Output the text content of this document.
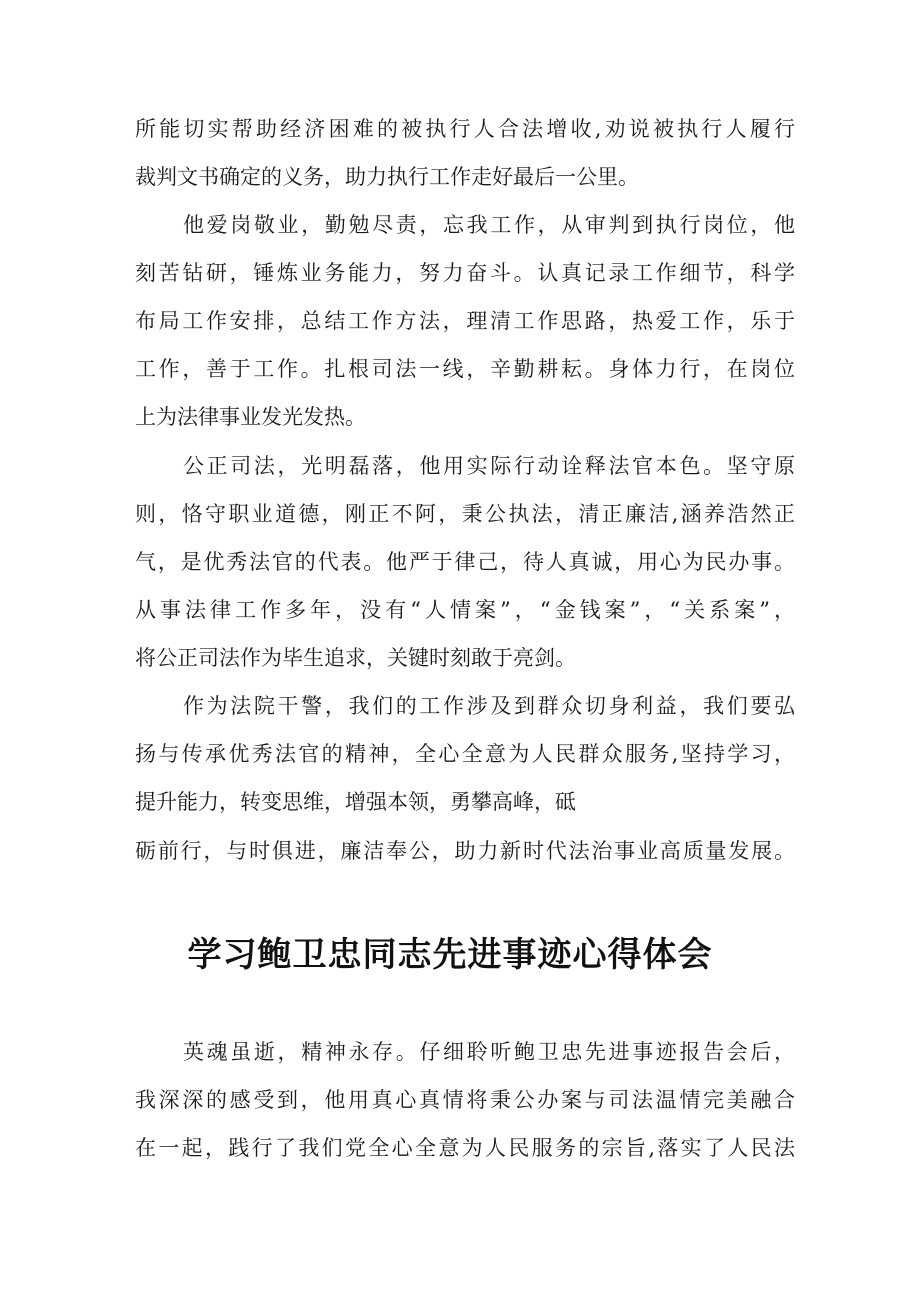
所能切实帮助经济困难的被执行人合法增收,劝说被执行人履行
裁判文书确定的义务，助力执行工作走好最后一公里。
他爱岗敬业，勤勉尽责，忘我工作，从审判到执行岗位，他
刻苦钻研，锤炼业务能力，努力奋斗。认真记录工作细节，科学
布局工作安排，总结工作方法，理清工作思路，热爱工作，乐于
工作，善于工作。扎根司法一线，辛勤耕耘。身体力行，在岗位
上为法律事业发光发热。
公正司法，光明磊落，他用实际行动诠释法官本色。坚守原
则，恪守职业道德，刚正不阿，秉公执法，清正廉洁,涵养浩然正
气，是优秀法官的代表。他严于律己，待人真诚，用心为民办事。
从事法律工作多年，没有“人情案”，“金钱案”，“关系案”，
将公正司法作为毕生追求，关键时刻敢于亮剑。
作为法院干警，我们的工作涉及到群众切身利益，我们要弘
扬与传承优秀法官的精神，全心全意为人民群众服务,坚持学习，
提升能力，转变思维，增强本领，勇攀高峰，砥
砺前行，与时俱进，廉洁奉公，助力新时代法治事业高质量发展。
学习鲍卫忠同志先进事迹心得体会
英魂虽逝，精神永存。仔细聆听鲍卫忠先进事迹报告会后，
我深深的感受到，他用真心真情将秉公办案与司法温情完美融合
在一起，践行了我们党全心全意为人民服务的宗旨,落实了人民法
